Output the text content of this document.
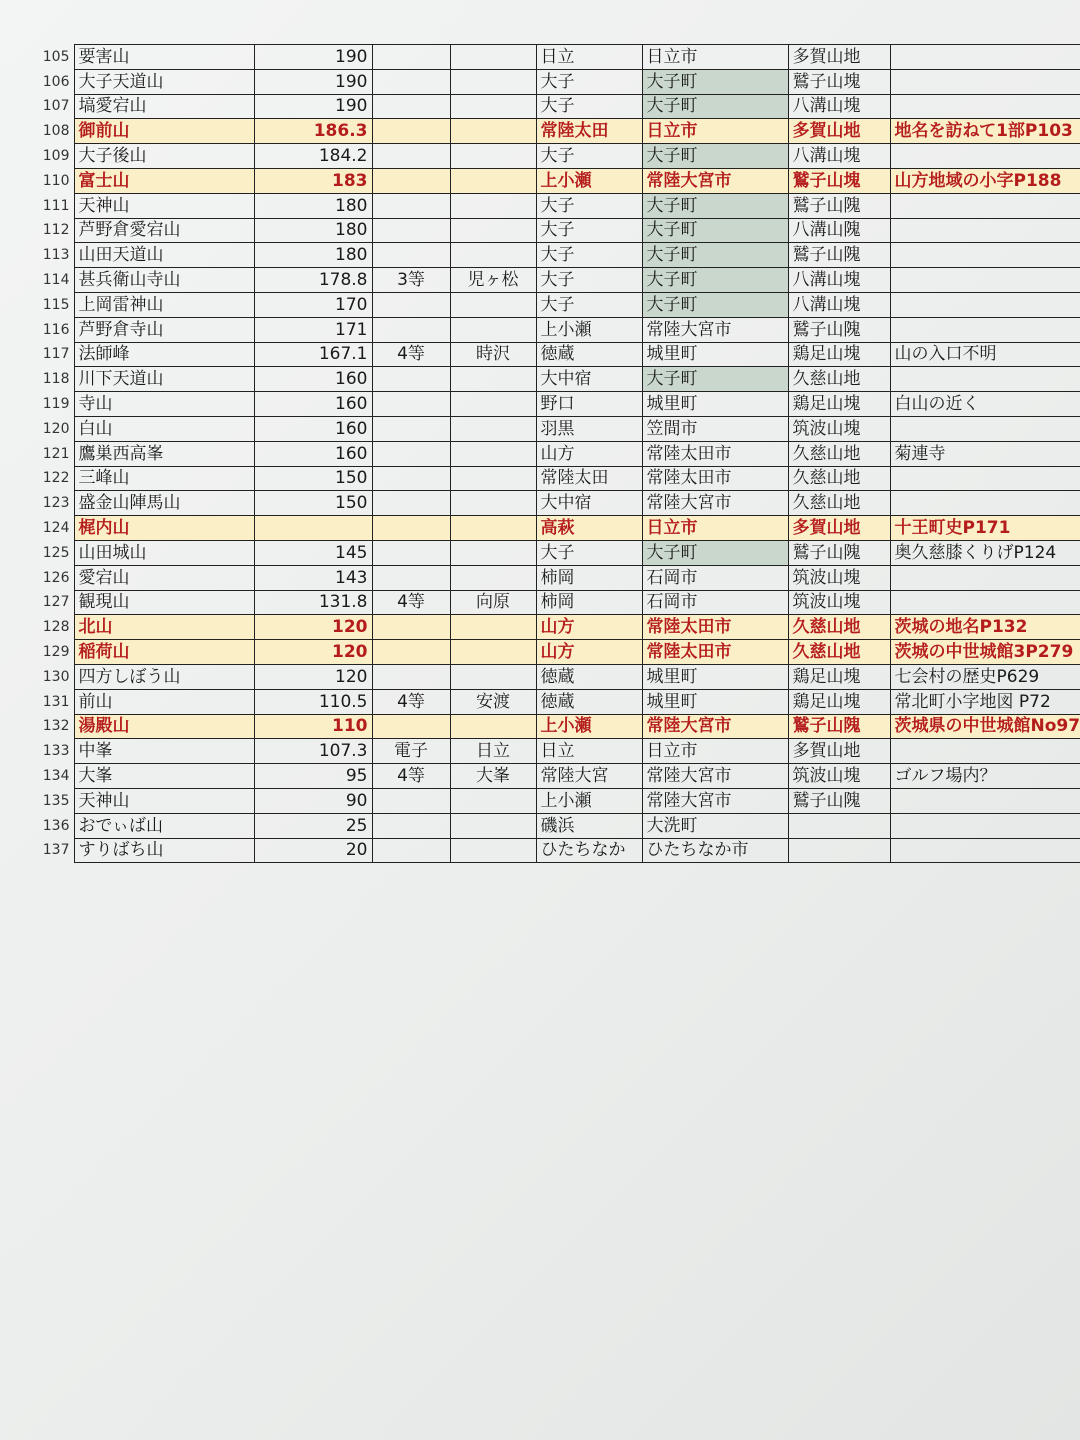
105	要害山	190			日立	日立市	多賀山地	
106	大子天道山	190			大子	大子町	鷲子山塊	
107	塙愛宕山	190			大子	大子町	八溝山塊	
108	御前山	186.3			常陸太田	日立市	多賀山地	地名を訪ねて1部P103
109	大子後山	184.2			大子	大子町	八溝山塊	
110	富士山	183			上小瀬	常陸大宮市	鷲子山塊	山方地域の小字P188
111	天神山	180			大子	大子町	鷲子山隗	
112	芦野倉愛宕山	180			大子	大子町	八溝山隗	
113	山田天道山	180			大子	大子町	鷲子山隗	
114	甚兵衛山寺山	178.8	3等	児ヶ松	大子	大子町	八溝山塊	
115	上岡雷神山	170			大子	大子町	八溝山塊	
116	芦野倉寺山	171			上小瀬	常陸大宮市	鷲子山隗	
117	法師峰	167.1	4等	時沢	徳蔵	城里町	鶏足山塊	山の入口不明
118	川下天道山	160			大中宿	大子町	久慈山地	
119	寺山	160			野口	城里町	鶏足山塊	白山の近く
120	白山	160			羽黒	笠間市	筑波山塊	
121	鷹巣西高峯	160			山方	常陸太田市	久慈山地	菊連寺
122	三峰山	150			常陸太田	常陸太田市	久慈山地	
123	盛金山陣馬山	150			大中宿	常陸大宮市	久慈山地	
124	梶内山				高萩	日立市	多賀山地	十王町史P171
125	山田城山	145			大子	大子町	鷲子山隗	奥久慈膝くりげP124
126	愛宕山	143			柿岡	石岡市	筑波山塊	
127	観現山	131.8	4等	向原	柿岡	石岡市	筑波山塊	
128	北山	120			山方	常陸太田市	久慈山地	茨城の地名P132
129	稲荷山	120			山方	常陸太田市	久慈山地	茨城の中世城館3P279
130	四方しぼう山	120			徳蔵	城里町	鶏足山塊	七会村の歴史P629
131	前山	110.5	4等	安渡	徳蔵	城里町	鶏足山塊	常北町小字地図 P72
132	湯殿山	110			上小瀬	常陸大宮市	鷲子山隗	茨城県の中世城館No97
133	中峯	107.3	電子	日立	日立	日立市	多賀山地	
134	大峯	95	4等	大峯	常陸大宮	常陸大宮市	筑波山塊	ゴルフ場内？
135	天神山	90			上小瀬	常陸大宮市	鷲子山隗	
136	おでぃば山	25			磯浜	大洗町		
137	すりばち山	20			ひたちなか	ひたちなか市		
